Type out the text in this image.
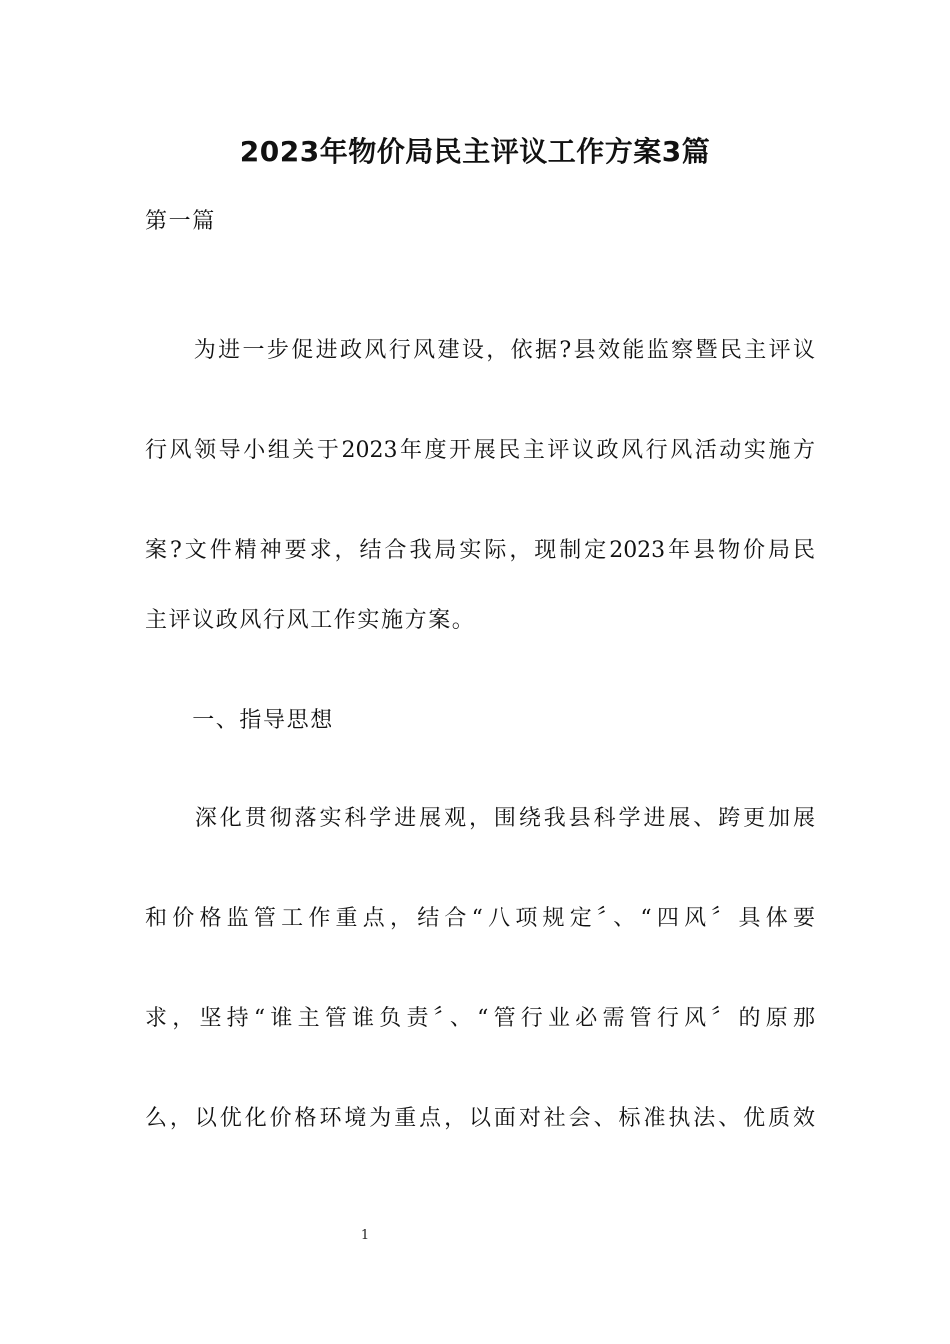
2023年物价局民主评议工作方案3篇

第一篇

　　为进一步促进政风行风建设，依据?县效能监察暨民主评议

行风领导小组关于2023年度开展民主评议政风行风活动实施方

案?文件精神要求，结合我局实际，现制定2023年县物价局民

主评议政风行风工作实施方案。

　　一、指导思想

　　深化贯彻落实科学进展观，围绕我县科学进展、跨更加展

和价格监管工作重点，结合“八项规定〞、“四风〞具体要

求，坚持“谁主管谁负责〞、“管行业必需管行风〞的原那

么，以优化价格环境为重点，以面对社会、标准执法、优质效

1
